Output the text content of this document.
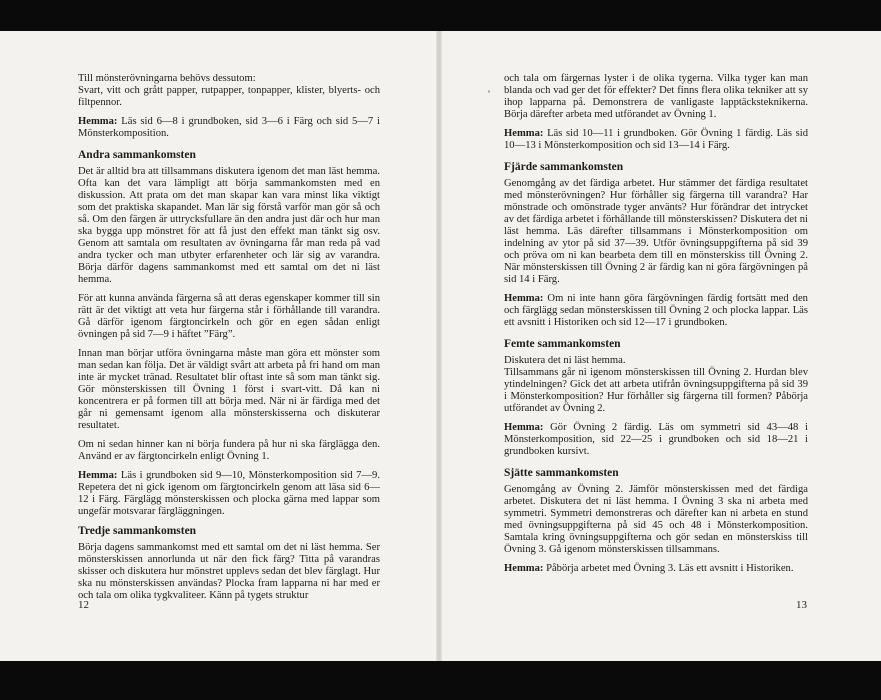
Till mönsterövningarna behövs dessutom:
Svart, vitt och grått papper, rutpapper, tonpapper, klister, blyerts- och filtpennor.

Hemma: Läs sid 6—8 i grundboken, sid 3—6 i Färg och sid 5—7 i Mönsterkomposition.

Andra sammankomsten

Det är alltid bra att tillsammans diskutera igenom det man läst hemma. Ofta kan det vara lämpligt att börja sammankomsten med en diskussion. Att prata om det man skapar kan vara minst lika viktigt som det praktiska skapandet. Man lär sig förstå varför man gör så och så. Om den färgen är uttrycksfullare än den andra just där och hur man ska bygga upp mönstret för att få just den effekt man tänkt sig osv. Genom att samtala om resultaten av övningarna får man reda på vad andra tycker och man utbyter erfarenheter och lär sig av varandra. Börja därför dagens sammankomst med ett samtal om det ni läst hemma.

För att kunna använda färgerna så att deras egenskaper kommer till sin rätt är det viktigt att veta hur färgerna står i förhållande till varandra. Gå därför igenom färgtoncirkeln och gör en egen sådan enligt övningen på sid 7—9 i häftet ”Färg”.

Innan man börjar utföra övningarna måste man göra ett mönster som man sedan kan följa. Det är väldigt svårt att arbeta på fri hand om man inte är mycket tränad. Resultatet blir oftast inte så som man tänkt sig. Gör mönsterskissen till Övning 1 först i svart-vitt. Då kan ni koncentrera er på formen till att börja med. När ni är färdiga med det går ni gemensamt igenom alla mönsterskisserna och diskuterar resultatet.

Om ni sedan hinner kan ni börja fundera på hur ni ska färglägga den. Använd er av färgtoncirkeln enligt Övning 1.

Hemma: Läs i grundboken sid 9—10, Mönsterkomposition sid 7—9. Repetera det ni gick igenom om färgtoncirkeln genom att läsa sid 6—12 i Färg. Färglägg mönsterskissen och plocka gärna med lappar som ungefär motsvarar färgläggningen.

Tredje sammankomsten

Börja dagens sammankomst med ett samtal om det ni läst hemma. Ser mönsterskissen annorlunda ut när den fick färg? Titta på varandras skisser och diskutera hur mönstret upplevs sedan det blev färglagt. Hur ska nu mönsterskissen användas? Plocka fram lapparna ni har med er och tala om olika tygkvaliteer. Känn på tygets struktur

12

och tala om färgernas lyster i de olika tygerna. Vilka tyger kan man blanda och vad ger det för effekter? Det finns flera olika tekniker att sy ihop lapparna på. Demonstrera de vanligaste lapptäcksteknikerna. Börja därefter arbeta med utförandet av Övning 1.

Hemma: Läs sid 10—11 i grundboken. Gör Övning 1 färdig. Läs sid 10—13 i Mönsterkomposition och sid 13—14 i Färg.

Fjärde sammankomsten

Genomgång av det färdiga arbetet. Hur stämmer det färdiga resultatet med mönsterövningen? Hur förhåller sig färgerna till varandra? Har mönstrade och omönstrade tyger använts? Hur förändrar det intrycket av det färdiga arbetet i förhållande till mönsterskissen? Diskutera det ni läst hemma. Läs därefter tillsammans i Mönsterkomposition om indelning av ytor på sid 37—39. Utför övningsuppgifterna på sid 39 och pröva om ni kan bearbeta dem till en mönsterskiss till Övning 2. När mönsterskissen till Övning 2 är färdig kan ni göra färgövningen på sid 14 i Färg.

Hemma: Om ni inte hann göra färgövningen färdig fortsätt med den och färglägg sedan mönsterskissen till Övning 2 och plocka lappar. Läs ett avsnitt i Historiken och sid 12—17 i grundboken.

Femte sammankomsten

Diskutera det ni läst hemma.
Tillsammans går ni igenom mönsterskissen till Övning 2. Hurdan blev ytindelningen? Gick det att arbeta utifrån övningsuppgifterna på sid 39 i Mönsterkomposition? Hur förhåller sig färgerna till formen? Påbörja utförandet av Övning 2.

Hemma: Gör Övning 2 färdig. Läs om symmetri sid 43—48 i Mönsterkomposition, sid 22—25 i grundboken och sid 18—21 i grundboken kursivt.

Sjätte sammankomsten

Genomgång av Övning 2. Jämför mönsterskissen med det färdiga arbetet. Diskutera det ni läst hemma. I Övning 3 ska ni arbeta med symmetri. Symmetri demonstreras och därefter kan ni arbeta en stund med övningsuppgifterna på sid 45 och 48 i Mönsterkomposition. Samtala kring övningsuppgifterna och gör sedan en mönsterskiss till Övning 3. Gå igenom mönsterskissen tillsammans.

Hemma: Påbörja arbetet med Övning 3. Läs ett avsnitt i Historiken.

13
